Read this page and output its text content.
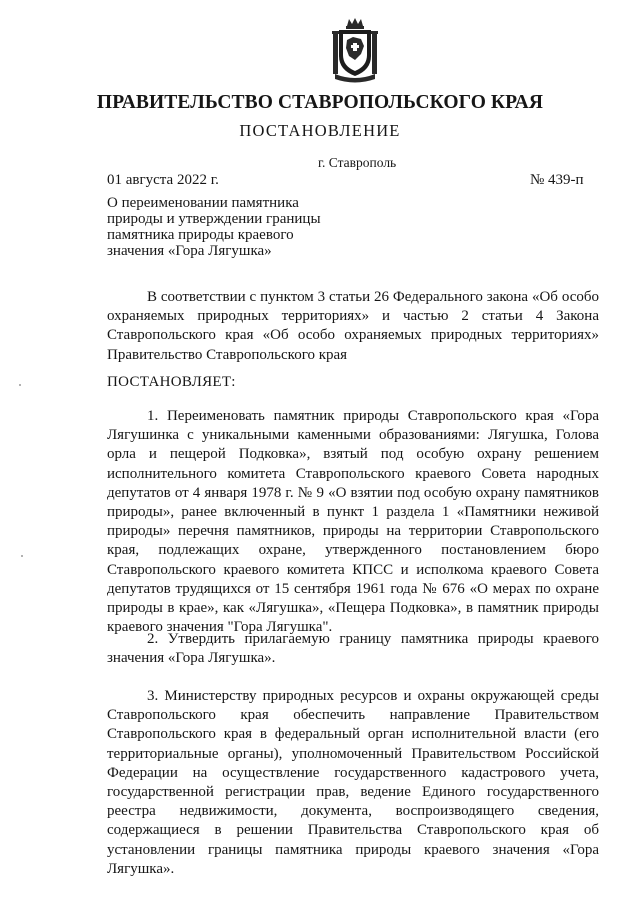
ПРАВИТЕЛЬСТВО СТАВРОПОЛЬСКОГО КРАЯ
ПОСТАНОВЛЕНИЕ
г. Ставрополь
01 августа 2022 г.	№ 439-п
О переименовании памятника
природы и утверждении границы
памятника природы краевого
значения «Гора Лягушка»
В соответствии с пунктом 3 статьи 26 Федерального закона «Об особо охраняемых природных территориях» и частью 2 статьи 4 Закона Ставропольского края «Об особо охраняемых природных территориях» Правительство Ставропольского края
ПОСТАНОВЛЯЕТ:
1. Переименовать памятник природы Ставропольского края «Гора Лягушинка с уникальными каменными образованиями: Лягушка, Голова орла и пещерой Подковка», взятый под особую охрану решением исполнительного комитета Ставропольского краевого Совета народных депутатов от 4 января 1978 г. № 9 «О взятии под особую охрану памятников природы», ранее включенный в пункт 1 раздела 1 «Памятники неживой природы» перечня памятников, природы на территории Ставропольского края, подлежащих охране, утвержденного постановлением бюро Ставропольского краевого комитета КПСС и исполкома краевого Совета депутатов трудящихся от 15 сентября 1961 года № 676 «О мерах по охране природы в крае», как «Лягушка», «Пещера Подковка», в памятник природы краевого значения "Гора Лягушка".
2. Утвердить прилагаемую границу памятника природы краевого значения «Гора Лягушка».
3. Министерству природных ресурсов и охраны окружающей среды Ставропольского края обеспечить направление Правительством Ставропольского края в федеральный орган исполнительной власти (его территориальные органы), уполномоченный Правительством Российской Федерации на осуществление государственного кадастрового учета, государственной регистрации прав, ведение Единого государственного реестра недвижимости, документа, воспроизводящего сведения, содержащиеся в решении Правительства Ставропольского края об установлении границы памятника природы краевого значения «Гора Лягушка».
